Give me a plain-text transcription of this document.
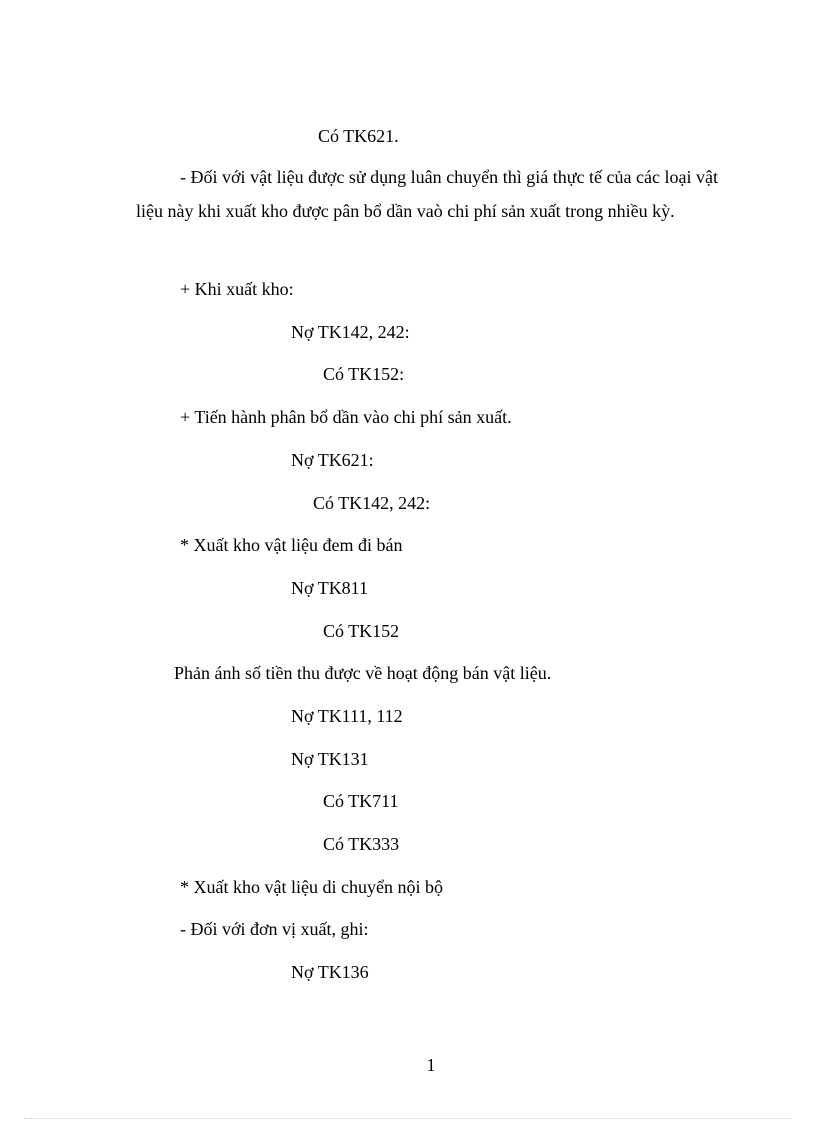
Có TK621.
- Đối với vật liệu được sử dụng luân chuyển thì giá thực tế của các loại vật liệu này khi xuất kho được pân bổ dần vaò chi phí sản xuất trong nhiều kỳ.
+ Khi xuất kho:
Nợ TK142, 242:
Có TK152:
+ Tiến hành phân bổ dần vào chi phí sản xuất.
Nợ TK621:
Có TK142, 242:
* Xuất kho vật liệu đem đi bán
Nợ TK811
Có TK152
Phản ánh số tiền thu được về hoạt động bán vật liệu.
Nợ TK111, 112
Nợ TK131
Có TK711
Có TK333
* Xuất kho vật liệu di chuyển nội bộ
- Đối với đơn vị xuất, ghi:
Nợ TK136
1
